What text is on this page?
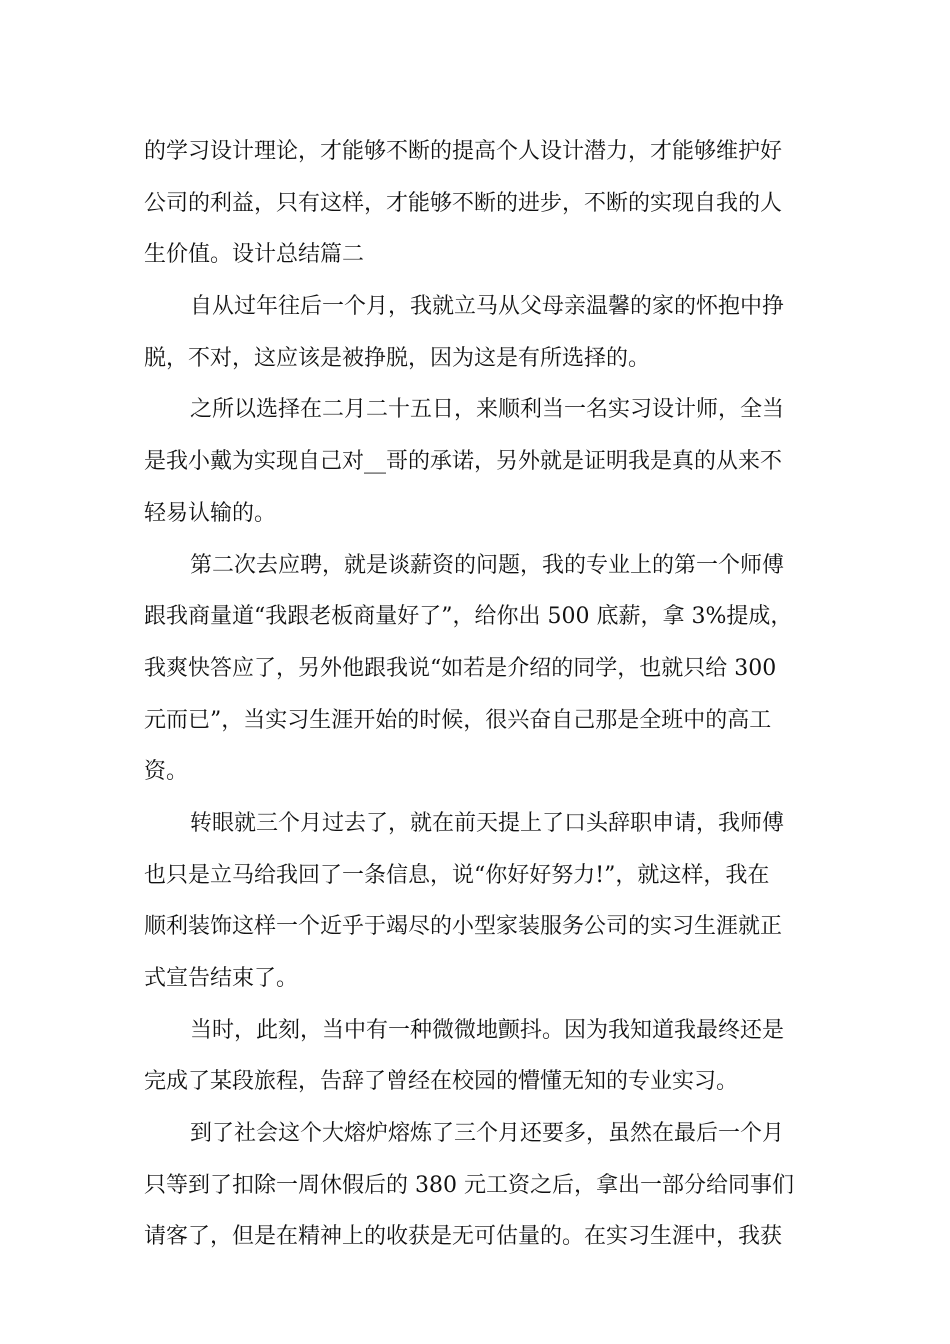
的学习设计理论，才能够不断的提高个人设计潜力，才能够维护好
公司的利益，只有这样，才能够不断的进步，不断的实现自我的人
生价值。设计总结篇二
自从过年往后一个月，我就立马从父母亲温馨的家的怀抱中挣
脱，不对，这应该是被挣脱，因为这是有所选择的。
之所以选择在二月二十五日，来顺利当一名实习设计师，全当
是我小戴为实现自己对__哥的承诺，另外就是证明我是真的从来不
轻易认输的。
第二次去应聘，就是谈薪资的问题，我的专业上的第一个师傅
跟我商量道“我跟老板商量好了”，给你出 500 底薪，拿 3%提成，
我爽快答应了，另外他跟我说“如若是介绍的同学，也就只给 300
元而已”，当实习生涯开始的时候，很兴奋自己那是全班中的高工
资。
转眼就三个月过去了，就在前天提上了口头辞职申请，我师傅
也只是立马给我回了一条信息，说“你好好努力!”，就这样，我在
顺利装饰这样一个近乎于竭尽的小型家装服务公司的实习生涯就正
式宣告结束了。
当时，此刻，当中有一种微微地颤抖。因为我知道我最终还是
完成了某段旅程，告辞了曾经在校园的懵懂无知的专业实习。
到了社会这个大熔炉熔炼了三个月还要多，虽然在最后一个月
只等到了扣除一周休假后的 380 元工资之后，拿出一部分给同事们
请客了，但是在精神上的收获是无可估量的。在实习生涯中，我获
